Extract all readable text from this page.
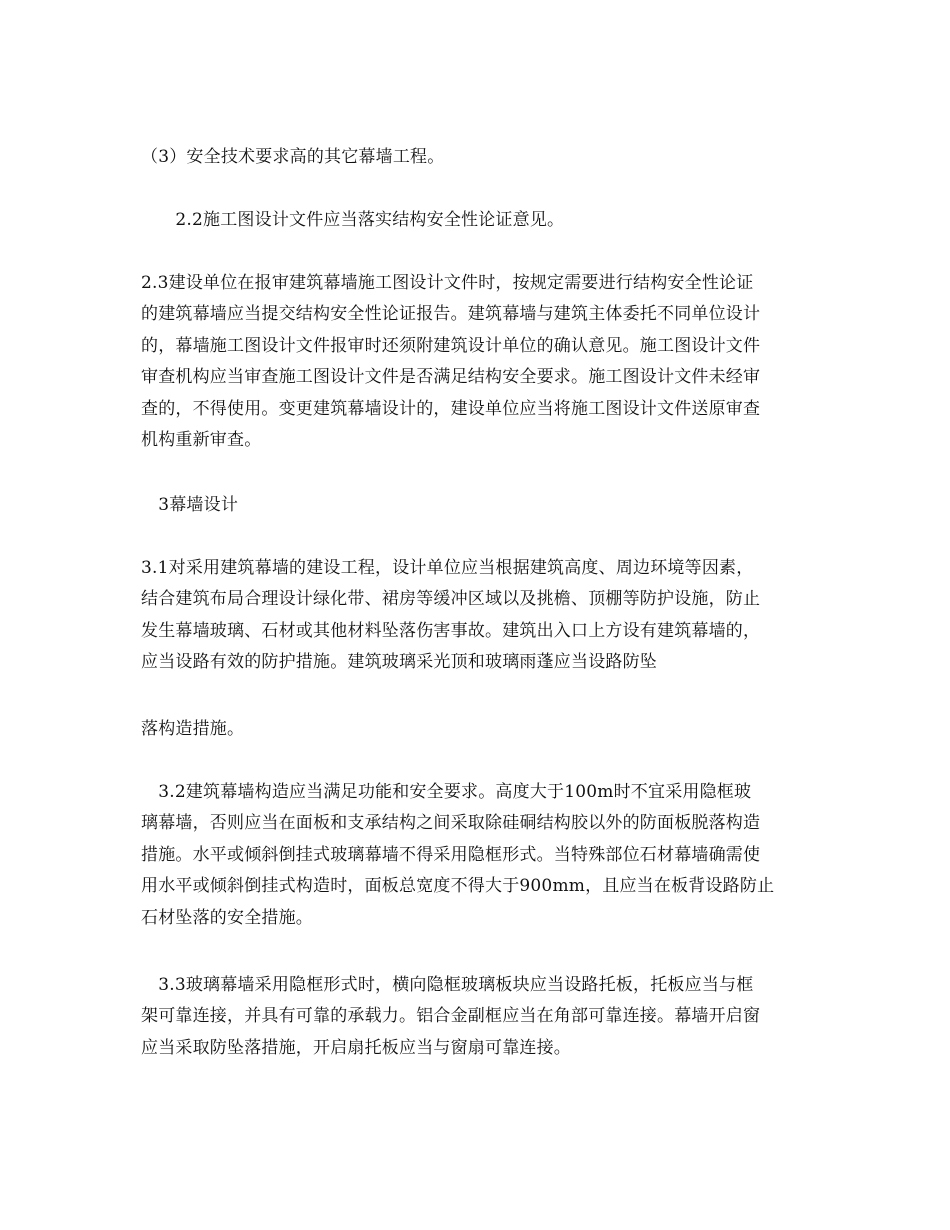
（3）安全技术要求高的其它幕墙工程。

　　2.2施工图设计文件应当落实结构安全性论证意见。

2.3建设单位在报审建筑幕墙施工图设计文件时，按规定需要进行结构安全性论证
的建筑幕墙应当提交结构安全性论证报告。建筑幕墙与建筑主体委托不同单位设计
的，幕墙施工图设计文件报审时还须附建筑设计单位的确认意见。施工图设计文件
审查机构应当审查施工图设计文件是否满足结构安全要求。施工图设计文件未经审
查的，不得使用。变更建筑幕墙设计的，建设单位应当将施工图设计文件送原审查
机构重新审查。

　3幕墙设计

3.1对采用建筑幕墙的建设工程，设计单位应当根据建筑高度、周边环境等因素，
结合建筑布局合理设计绿化带、裙房等缓冲区域以及挑檐、顶棚等防护设施，防止
发生幕墙玻璃、石材或其他材料坠落伤害事故。建筑出入口上方设有建筑幕墙的，
应当设路有效的防护措施。建筑玻璃采光顶和玻璃雨蓬应当设路防坠

落构造措施。

　3.2建筑幕墙构造应当满足功能和安全要求。高度大于100m时不宜采用隐框玻
璃幕墙，否则应当在面板和支承结构之间采取除硅硐结构胶以外的防面板脱落构造
措施。水平或倾斜倒挂式玻璃幕墙不得采用隐框形式。当特殊部位石材幕墙确需使
用水平或倾斜倒挂式构造时，面板总宽度不得大于900mm，且应当在板背设路防止
石材坠落的安全措施。

　3.3玻璃幕墙采用隐框形式时，横向隐框玻璃板块应当设路托板，托板应当与框
架可靠连接，并具有可靠的承载力。铝合金副框应当在角部可靠连接。幕墙开启窗
应当采取防坠落措施，开启扇托板应当与窗扇可靠连接。
